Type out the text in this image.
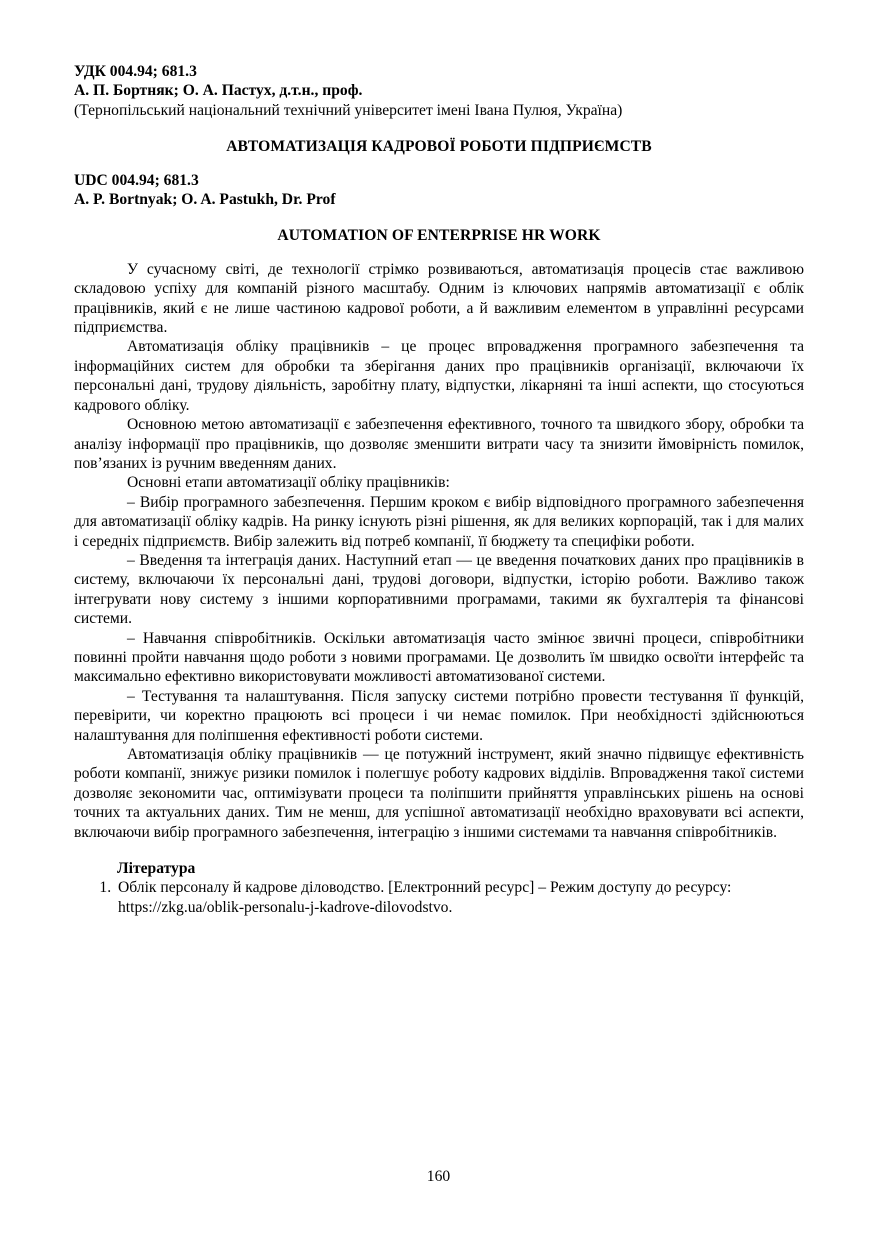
УДК 004.94; 681.3

А. П. Бортняк; О. А. Пастух, д.т.н., проф.

(Тернопільський національний технічний університет імені Івана Пулюя, Україна)

АВТОМАТИЗАЦІЯ КАДРОВОЇ РОБОТИ ПІДПРИЄМСТВ

UDC 004.94; 681.3

A. P. Bortnyak; O. A. Pastukh, Dr. Prof

AUTOMATION OF ENTERPRISE HR WORK

У сучасному світі, де технології стрімко розвиваються, автоматизація процесів стає важливою складовою успіху для компаній різного масштабу. Одним із ключових напрямів автоматизації є облік працівників, який є не лише частиною кадрової роботи, а й важливим елементом в управлінні ресурсами підприємства.

Автоматизація обліку працівників – це процес впровадження програмного забезпечення та інформаційних систем для обробки та зберігання даних про працівників організації, включаючи їх персональні дані, трудову діяльність, заробітну плату, відпустки, лікарняні та інші аспекти, що стосуються кадрового обліку.

Основною метою автоматизації є забезпечення ефективного, точного та швидкого збору, обробки та аналізу інформації про працівників, що дозволяє зменшити витрати часу та знизити ймовірність помилок, пов’язаних із ручним введенням даних.

Основні етапи автоматизації обліку працівників:

– Вибір програмного забезпечення. Першим кроком є вибір відповідного програмного забезпечення для автоматизації обліку кадрів. На ринку існують різні рішення, як для великих корпорацій, так і для малих і середніх підприємств. Вибір залежить від потреб компанії, її бюджету та специфіки роботи.

– Введення та інтеграція даних. Наступний етап — це введення початкових даних про працівників в систему, включаючи їх персональні дані, трудові договори, відпустки, історію роботи. Важливо також інтегрувати нову систему з іншими корпоративними програмами, такими як бухгалтерія та фінансові системи.

– Навчання співробітників. Оскільки автоматизація часто змінює звичні процеси, співробітники повинні пройти навчання щодо роботи з новими програмами. Це дозволить їм швидко освоїти інтерфейс та максимально ефективно використовувати можливості автоматизованої системи.

– Тестування та налаштування. Після запуску системи потрібно провести тестування її функцій, перевірити, чи коректно працюють всі процеси і чи немає помилок. При необхідності здійснюються налаштування для поліпшення ефективності роботи системи.

Автоматизація обліку працівників — це потужний інструмент, який значно підвищує ефективність роботи компанії, знижує ризики помилок і полегшує роботу кадрових відділів. Впровадження такої системи дозволяє зекономити час, оптимізувати процеси та поліпшити прийняття управлінських рішень на основі точних та актуальних даних. Тим не менш, для успішної автоматизації необхідно враховувати всі аспекти, включаючи вибір програмного забезпечення, інтеграцію з іншими системами та навчання співробітників.

Література

1. Облік персоналу й кадрове діловодство. [Електронний ресурс] – Режим доступу до ресурсу: https://zkg.ua/oblik-personalu-j-kadrove-dilovodstvo.
160
